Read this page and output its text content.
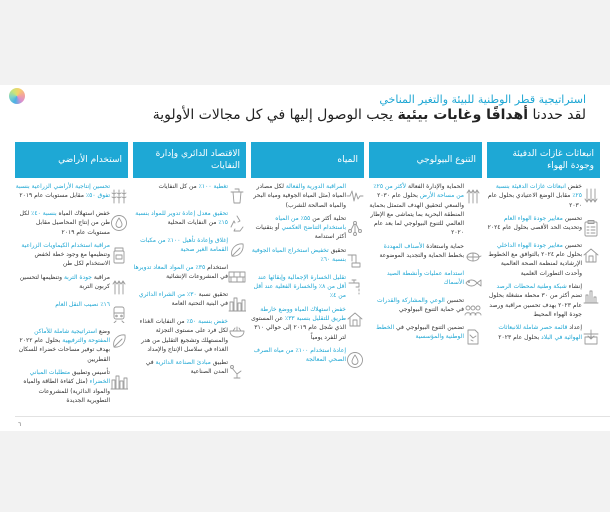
استراتيجية قطر الوطنية للبيئة والتغير المناخي
لقد حددنا أهدافًا وغايات بيئية يجب الوصول إليها في كل مجالات الأولوية
انبعاثات غازات الدفيئة وجودة الهواء
خفض انبعاثات غازات الدفيئة بنسبة ٢٥٪ مقابل الوضع الاعتيادي بحلول عام ٢٠٣٠
تحسين معايير جودة الهواء العام وتحديث الحد الأقصى بحلول عام ٢٠٢٤
تحسين معايير جودة الهواء الداخلي بحلول عام ٢٠٢٤ بالتوافق مع الخطوط الإرشادية لمنظمة الصحة العالمية وأحدث التطورات العلمية
إنشاء شبكة وطنية لمحطات الرصد تضم أكثر من ٣٠ محطة مشغلة بحلول عام ٢٠٢٣ بهدف تحسين مراقبة ورصد جودة الهواء المحيط
إعداد قائمة حصر شاملة للانبعاثات الهوائية في البلاد بحلول عام ٢٠٢٣
التنوع البيولوجي
الحماية والإدارة الفعالة لأكثر من ٢٥٪ من مساحة الأرض بحلول عام ٢٠٣٠ والسعي لتحقيق الهدف المتمثل بحماية المنطقة البحرية بما يتماشى مع الإطار العالمي للتنوع البيولوجي لما بعد عام ٢٠٢٠
حماية واستعادة الأصناف المهددة بخطط الحماية والتجديد الموضوعة
استدامة عمليات وأنشطة الصيد الأسماك
تحسين الوعي والمشاركة والقدرات في حماية التنوع البيولوجي
تضمين التنوع البيولوجي في الخطط الوطنية والمؤسسية
المياه
المراقبة الدورية والفعالة لكل مصادر المياه (مثل المياه الجوفية ومياه البحر والمياه الصالحة للشرب)
تحلية أكثر من ٥٥٪ من المياه باستخدام التناضح العكسي أو بتقنيات أكثر استدامة
تحقيق تخفيض استخراج المياه الجوفية بنسبة ٦٠٪
تقليل الخسارة الإجمالية وإبقائها عند أقل من ٨٪ والخسارة الفعلية عند أقل من ٤٪
خفض استهلاك المياه ووضع خارطة طريق للتقليل بنسبة ٣٣٪ عن المستوى الذي سُجل عام ٢٠١٩ إلى حوالي ٣١٠ لتر للفرد يومياً
إعادة استخدام ١٠٠٪ من مياه الصرف الصحي المعالجة
الاقتصاد الدائري وإدارة النفايات
تغطية ١٠٠٪ من كل النفايات
تحقيق معدل إعادة تدوير للمواد بنسبة ١٥٪ من النفايات المحلية
إغلاق وإعادة تأهيل ١٠٠٪ من مكبات القمامة الغير صحية
استخدام ٣٥٪ من المواد المعاد تدويرها في المشروعات الإنشائية
تحقيق نسبة ٣٠٪ من الشراء الدائري في البنية التحتية العامة
خفض بنسبة ٥٠٪ من النفايات الغذاء لكل فرد على مستوى التجزئة والمستهلك وتشجيع التقليل من هدر الغذاء في سلاسل الإنتاج والإمداد
تطبيق مبادئ الصناعة الدائرية في المدن الصناعية
استخدام الأراضي
تحسين إنتاجية الأراضي الزراعية بنسبة تفوق ٥٠٪ مقابل مستويات عام ٢٠١٩
خفض استهلاك المياه بنسبة ٤٠٪ لكل طن من إنتاج المحاصيل مقابل مستويات عام ٢٠١٩
مراقبة استخدام الكيماويات الزراعية وتنظيمها مع وجود خطة لخفض الاستخدام لكل طن
مراقبة جودة التربة وتنظيمها لتحسين كربون التربة
١٦٪ نصيب النقل العام
وضع استراتيجية شاملة للأماكن المفتوحة والترفيهية بحلول عام ٢٠٢٢ بهدف توفير مساحات خضراء للسكان القطريين
تأسيس وتطبيق متطلبات المباني الخضراء (مثل كفاءة الطاقة والمياه والمواد الدائرية) للمشروعات التطويرية الجديدة
٦
